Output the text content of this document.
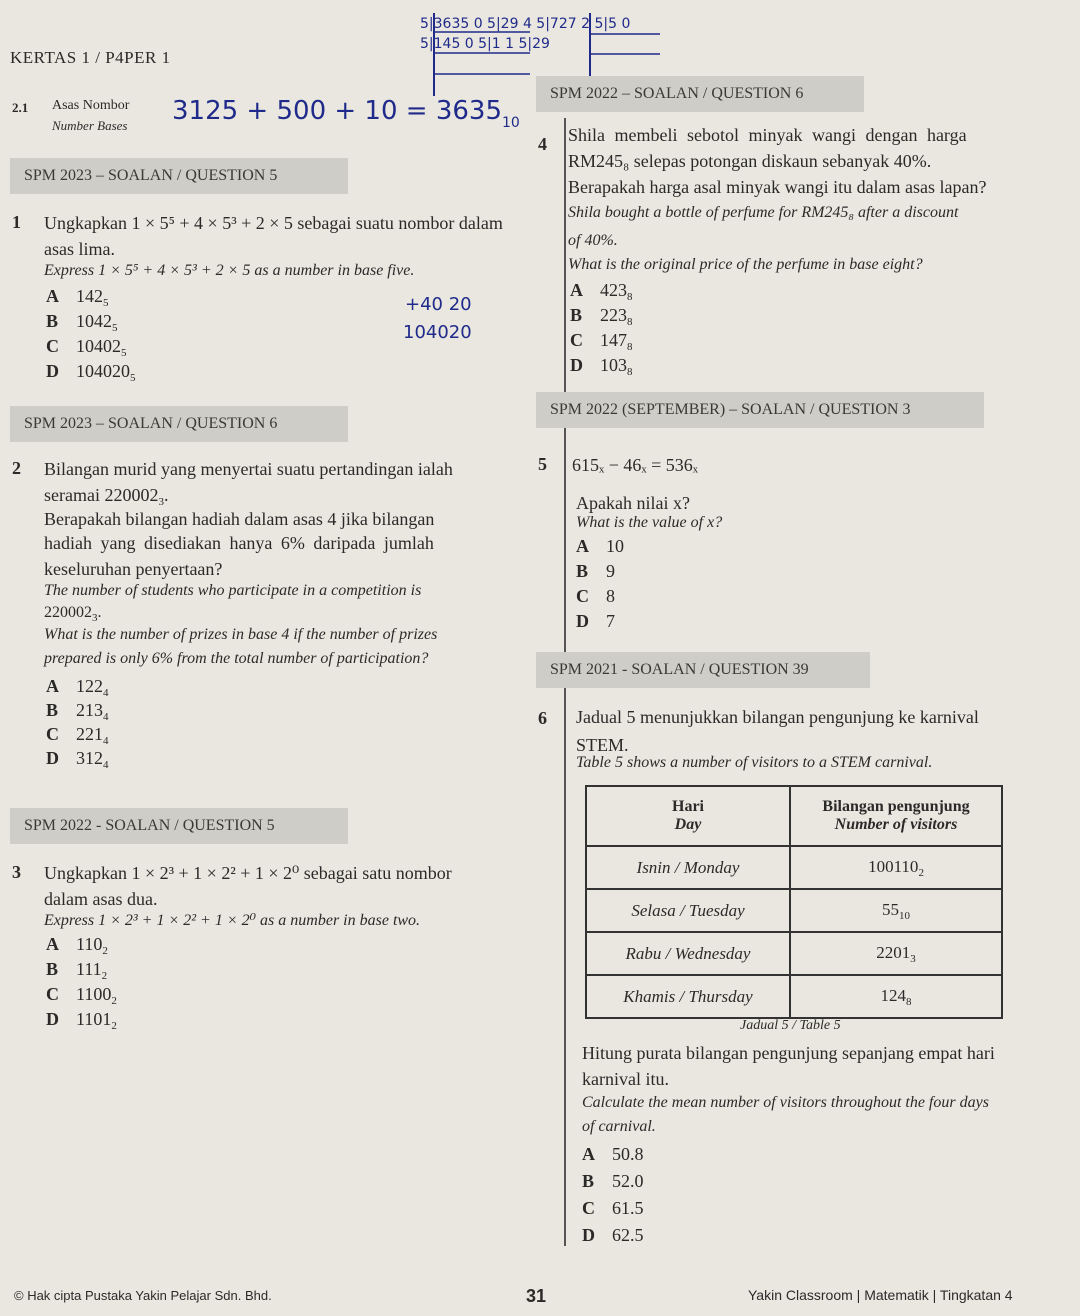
KERTAS 1 / P4PER 1
5|3635 0 5|29 4 5|727 2 5|5 0 5|145 0 5|1 1 5|29
2.1 Asas Nombor
Number Bases $3125 + 500 + 10 = 3635_{10}$
SPM 2023 – SOALAN / QUESTION 5
1 Ungkapkan 1 × 5⁵ + 4 × 5³ + 2 × 5 sebagai suatu nombor dalam asas lima.
Express 1 × 5⁵ + 4 × 5³ + 2 × 5 as a number in base five.
A $142_5$
B $1042_5$
C $10402_5$
D $104020_5$
+40 20
104020
SPM 2023 – SOALAN / QUESTION 6
2 Bilangan murid yang menyertai suatu pertandingan ialah
seramai $220002_3$.
Berapakah bilangan hadiah dalam asas 4 jika bilangan
hadiah yang disediakan hanya 6% daripada jumlah
keseluruhan penyertaan?
The number of students who participate in a competition is
$220002_3$.
What is the number of prizes in base 4 if the number of prizes
prepared is only 6% from the total number of participation?
A $122_4$
B $213_4$
C $221_4$
D $312_4$
SPM 2022 - SOALAN / QUESTION 5
3 Ungkapkan 1 × 2³ + 1 × 2² + 1 × 2⁰ sebagai satu nombor
dalam asas dua.
Express 1 × 2³ + 1 × 2² + 1 × 2⁰ as a number in base two.
A $110_2$
B $111_2$
C $1100_2$
D $1101_2$
SPM 2022 – SOALAN / QUESTION 6
4 Shila membeli sebotol minyak wangi dengan harga
RM245₈ selepas potongan diskaun sebanyak 40%.
Berapakah harga asal minyak wangi itu dalam asas lapan?
Shila bought a bottle of perfume for RM245₈ after a discount
of 40%.
What is the original price of the perfume in base eight?
A $423_8$
B $223_8$
C $147_8$
D $103_8$
SPM 2022 (SEPTEMBER) – SOALAN / QUESTION 3
5 615ₓ − 46ₓ = 536ₓ
Apakah nilai x?
What is the value of x?
A 10
B 9
C 8
D 7
SPM 2021 - SOALAN / QUESTION 39
6 Jadual 5 menunjukkan bilangan pengunjung ke karnival
STEM.
Table 5 shows a number of visitors to a STEM carnival.
Hari
Day	Bilangan pengunjung
Number of visitors
Isnin / Monday	$100110_2$
Selasa / Tuesday	$55_{10}$
Rabu / Wednesday	$2201_3$
Khamis / Thursday	$124_8$
Jadual 5 / Table 5
Hitung purata bilangan pengunjung sepanjang empat hari
karnival itu.
Calculate the mean number of visitors throughout the four days
of carnival.
A 50.8
B 52.0
C 61.5
D 62.5
© Hak cipta Pustaka Yakin Pelajar Sdn. Bhd.	31	Yakin Classroom | Matematik | Tingkatan 4
